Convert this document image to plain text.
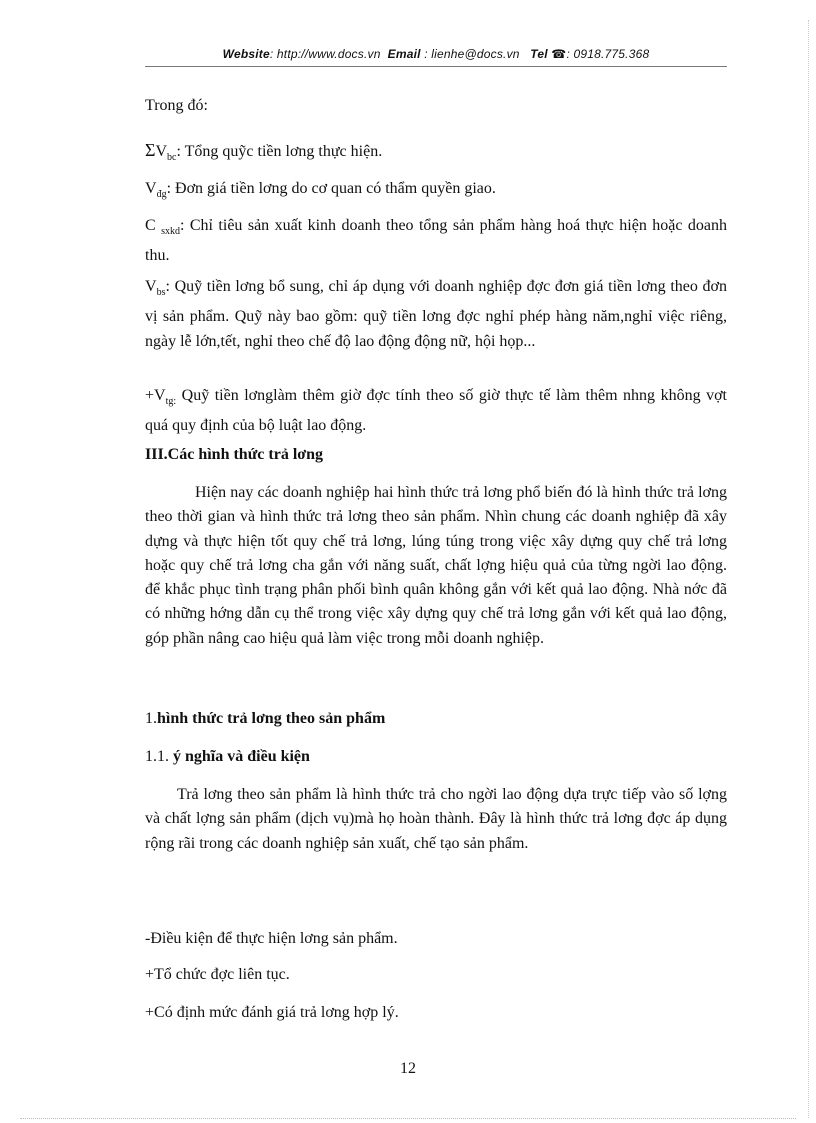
Website: http://www.docs.vn Email : lienhe@docs.vn Tel ☎: 0918.775.368
Trong đó:
$\Sigma V_{bc}$: Tổng quỹc tiền lơng thực hiện.
$V_{đg}$: Đơn giá tiền lơng do cơ quan có thẩm quyền giao.

C $_{sxkd}$: Chỉ tiêu sản xuất kinh doanh theo tổng sản phẩm hàng hoá thực hiện hoặc doanh thu.

$V_{bs}$: Quỹ tiền lơng bổ sung, chỉ áp dụng với doanh nghiệp đợc đơn giá tiền lơng theo đơn vị sản phẩm. Quỹ này bao gồm: quỹ tiền lơng đợc nghỉ phép hàng năm,nghỉ việc riêng, ngày lễ lớn,tết, nghỉ theo chế độ lao động động nữ, hội họp...

$+V_{tg:}$ Quỹ tiền lơnglàm thêm giờ đợc tính theo số giờ thực tế làm thêm nhng không vợt quá quy định của bộ luật lao động.

III.Các hình thức trả lơng

Hiện nay các doanh nghiệp hai hình thức trả lơng phổ biến đó là hình thức trả lơng theo thời gian và hình thức trả lơng theo sản phẩm. Nhìn chung các doanh nghiệp đã xây dựng và thực hiện tốt quy chế trả lơng, lúng túng trong việc xây dựng quy chế trả lơng hoặc quy chế trả lơng cha gắn với năng suất, chất lợng hiệu quả của từng ngời lao động. để khắc phục tình trạng phân phối bình quân không gắn với kết quả lao động. Nhà nớc đã có những hớng dẫn cụ thể trong việc xây dựng quy chế trả lơng gắn với kết quả lao động, góp phần nâng cao hiệu quả làm việc trong mỗi doanh nghiệp.

1.hình thức trả lơng theo sản phẩm
1.1. ý nghĩa và điều kiện

Trả lơng theo sản phẩm là hình thức trả cho ngời lao động dựa trực tiếp vào số lợng và chất lợng sản phẩm (dịch vụ)mà họ hoàn thành. Đây là hình thức trả lơng đợc áp dụng rộng rãi trong các doanh nghiệp sản xuất, chế tạo sản phẩm.

-Điều kiện để thực hiện lơng sản phẩm.
+Tổ chức đợc liên tục.
+Có định mức đánh giá trả lơng hợp lý.
12
